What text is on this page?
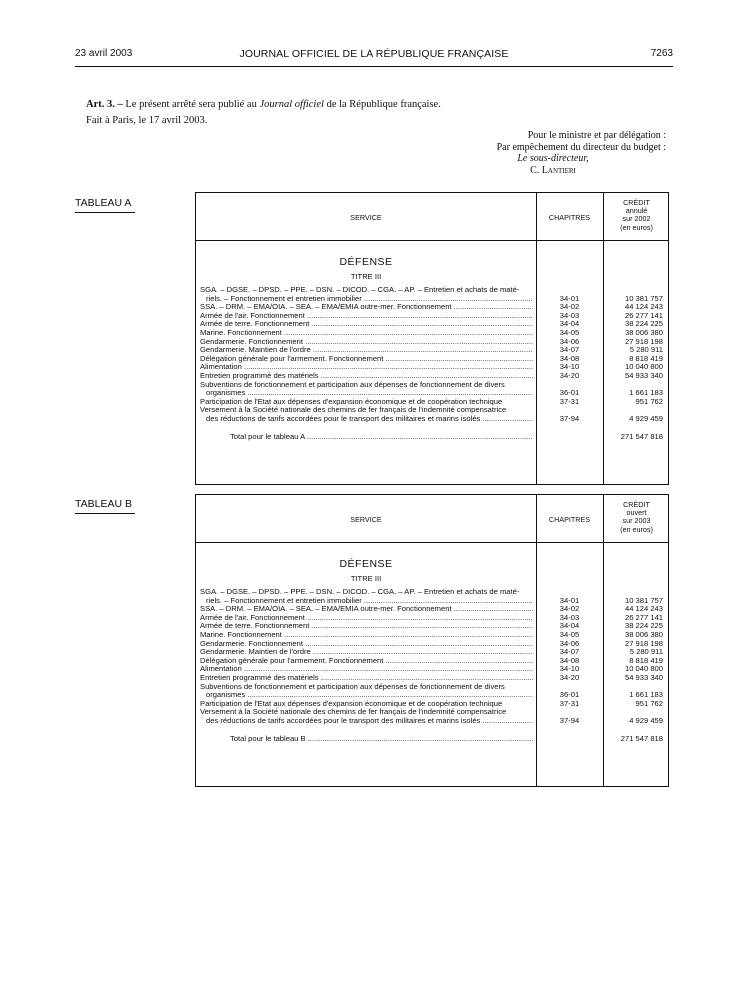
23 avril 2003	JOURNAL OFFICIEL DE LA RÉPUBLIQUE FRANÇAISE	7263
Art. 3. – Le présent arrêté sera publié au Journal officiel de la République française.
Fait à Paris, le 17 avril 2003.
Pour le ministre et par délégation :
Par empêchement du directeur du budget :
Le sous-directeur,
C. Lantieri
TABLEAU A
SERVICE	CHAPITRES
CRÉDIT
annulé
sur 2002
(en euros)
DÉFENSE
TITRE III
SGA. – DGSE. – DPSD. – PPE. – DSN. – DICOD. – CGA. – AP. – Entretien et achats de maté-
riels. – Fonctionnement et entretien immobilier .....	34-01	10 381 757
SSA. – DRM. – EMA/OIA. – SEA. – EMA/EMIA outre-mer. Fonctionnement .....	34-02	44 124 243
Armée de l'air. Fonctionnement .....	34-03	26 277 141
Armée de terre. Fonctionnement .....	34-04	38 224 225
Marine. Fonctionnement .....	34-05	38 006 380
Gendarmerie. Fonctionnement .....	34-06	27 918 198
Gendarmerie. Maintien de l'ordre .....	34-07	5 280 911
Délégation générale pour l'armement. Fonctionnement .....	34-08	8 818 419
Alimentation .....	34-10	10 040 800
Entretien programmé des matériels .....	34-20	54 933 340
Subventions de fonctionnement et participation aux dépenses de fonctionnement de divers
organismes .....	36-01	1 661 183
Participation de l'Etat aux dépenses d'expansion économique et de coopération technique	37-31	951 762
Versement à la Société nationale des chemins de fer français de l'indemnité compensatrice
des réductions de tarifs accordées pour le transport des militaires et marins isolés .....	37-94	4 929 459
Total pour le tableau A .....	271 547 818
TABLEAU B
SERVICE	CHAPITRES
CRÉDIT
ouvert
sur 2003
(en euros)
DÉFENSE
TITRE III
SGA. – DGSE. – DPSD. – PPE. – DSN. – DICOD. – CGA. – AP. – Entretien et achats de maté-
riels. – Fonctionnement et entretien immobilier .....	34-01	10 381 757
SSA. – DRM. – EMA/OIA. – SEA. – EMA/EMIA outre-mer. Fonctionnement .....	34-02	44 124 243
Armée de l'air. Fonctionnement .....	34-03	26 277 141
Armée de terre. Fonctionnement .....	34-04	38 224 225
Marine. Fonctionnement .....	34-05	38 006 380
Gendarmerie. Fonctionnement .....	34-06	27 918 198
Gendarmerie. Maintien de l'ordre .....	34-07	5 280 911
Délégation générale pour l'armement. Fonctionnement .....	34-08	8 818 419
Alimentation .....	34-10	10 040 800
Entretien programmé des matériels .....	34-20	54 933 340
Subventions de fonctionnement et participation aux dépenses de fonctionnement de divers
organismes .....	36-01	1 661 183
Participation de l'Etat aux dépenses d'expansion économique et de coopération technique	37-31	951 762
Versement à la Société nationale des chemins de fer français de l'indemnité compensatrice
des réductions de tarifs accordées pour le transport des militaires et marins isolés .....	37-94	4 929 459
Total pour le tableau B .....	271 547 818
